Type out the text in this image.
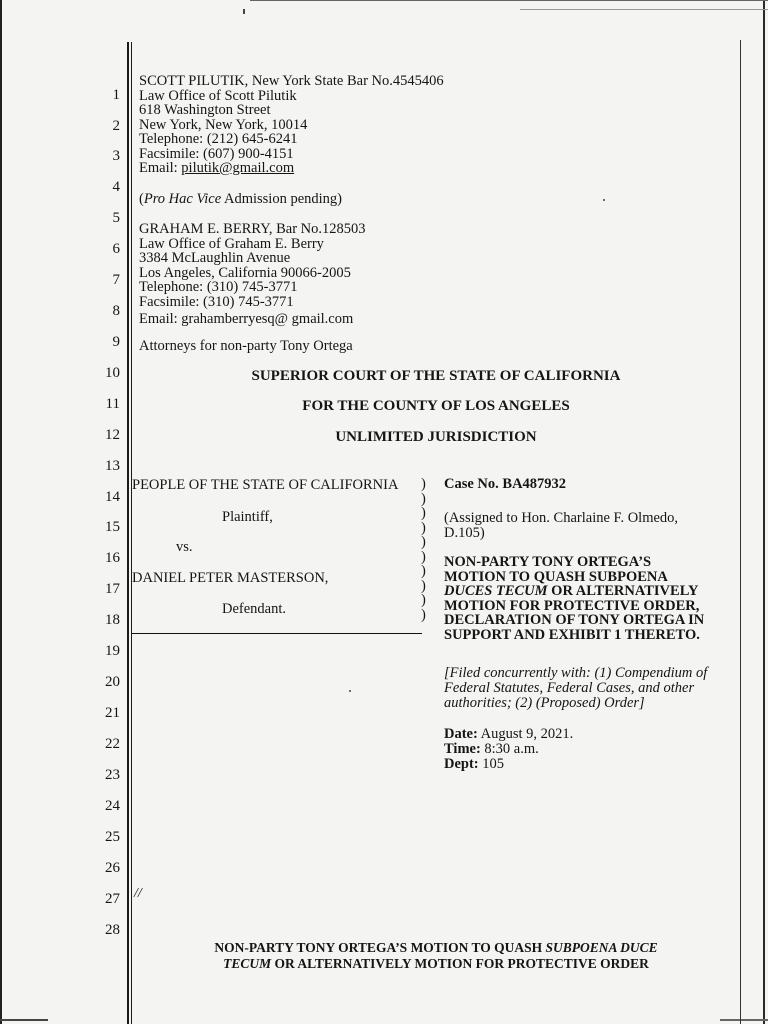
1
2
3
4
5
6
7
8
9
10
11
12
13
14
15
16
17
18
19
20
21
22
23
24
25
26
27
28
SCOTT PILUTIK, New York State Bar No.4545406
Law Office of Scott Pilutik
618 Washington Street
New York, New York, 10014
Telephone: (212) 645-6241
Facsimile: (607) 900-4151
Email: pilutik@gmail.com
(Pro Hac Vice Admission pending)
GRAHAM E. BERRY, Bar No.128503
Law Office of Graham E. Berry
3384 McLaughlin Avenue
Los Angeles, California 90066-2005
Telephone: (310) 745-3771
Facsimile: (310) 745-3771
Email: grahamberryesq@ gmail.com
Attorneys for non-party Tony Ortega
SUPERIOR COURT OF THE STATE OF CALIFORNIA
FOR THE COUNTY OF LOS ANGELES
UNLIMITED JURISDICTION
PEOPLE OF THE STATE OF CALIFORNIA
Plaintiff,
vs.
DANIEL PETER MASTERSON,
Defendant.
)
)
)
)
)
)
)
)
)
)
Case No. BA487932
(Assigned to Hon. Charlaine F. Olmedo,
D.105)
NON-PARTY TONY ORTEGA’S
MOTION TO QUASH SUBPOENA
DUCES TECUM OR ALTERNATIVELY
MOTION FOR PROTECTIVE ORDER,
DECLARATION OF TONY ORTEGA IN
SUPPORT AND EXHIBIT 1 THERETO.
[Filed concurrently with: (1) Compendium of
Federal Statutes, Federal Cases, and other
authorities; (2) (Proposed) Order]
Date: August 9, 2021.
Time: 8:30 a.m.
Dept: 105
//
NON-PARTY TONY ORTEGA’S MOTION TO QUASH SUBPOENA DUCE
TECUM OR ALTERNATIVELY MOTION FOR PROTECTIVE ORDER
